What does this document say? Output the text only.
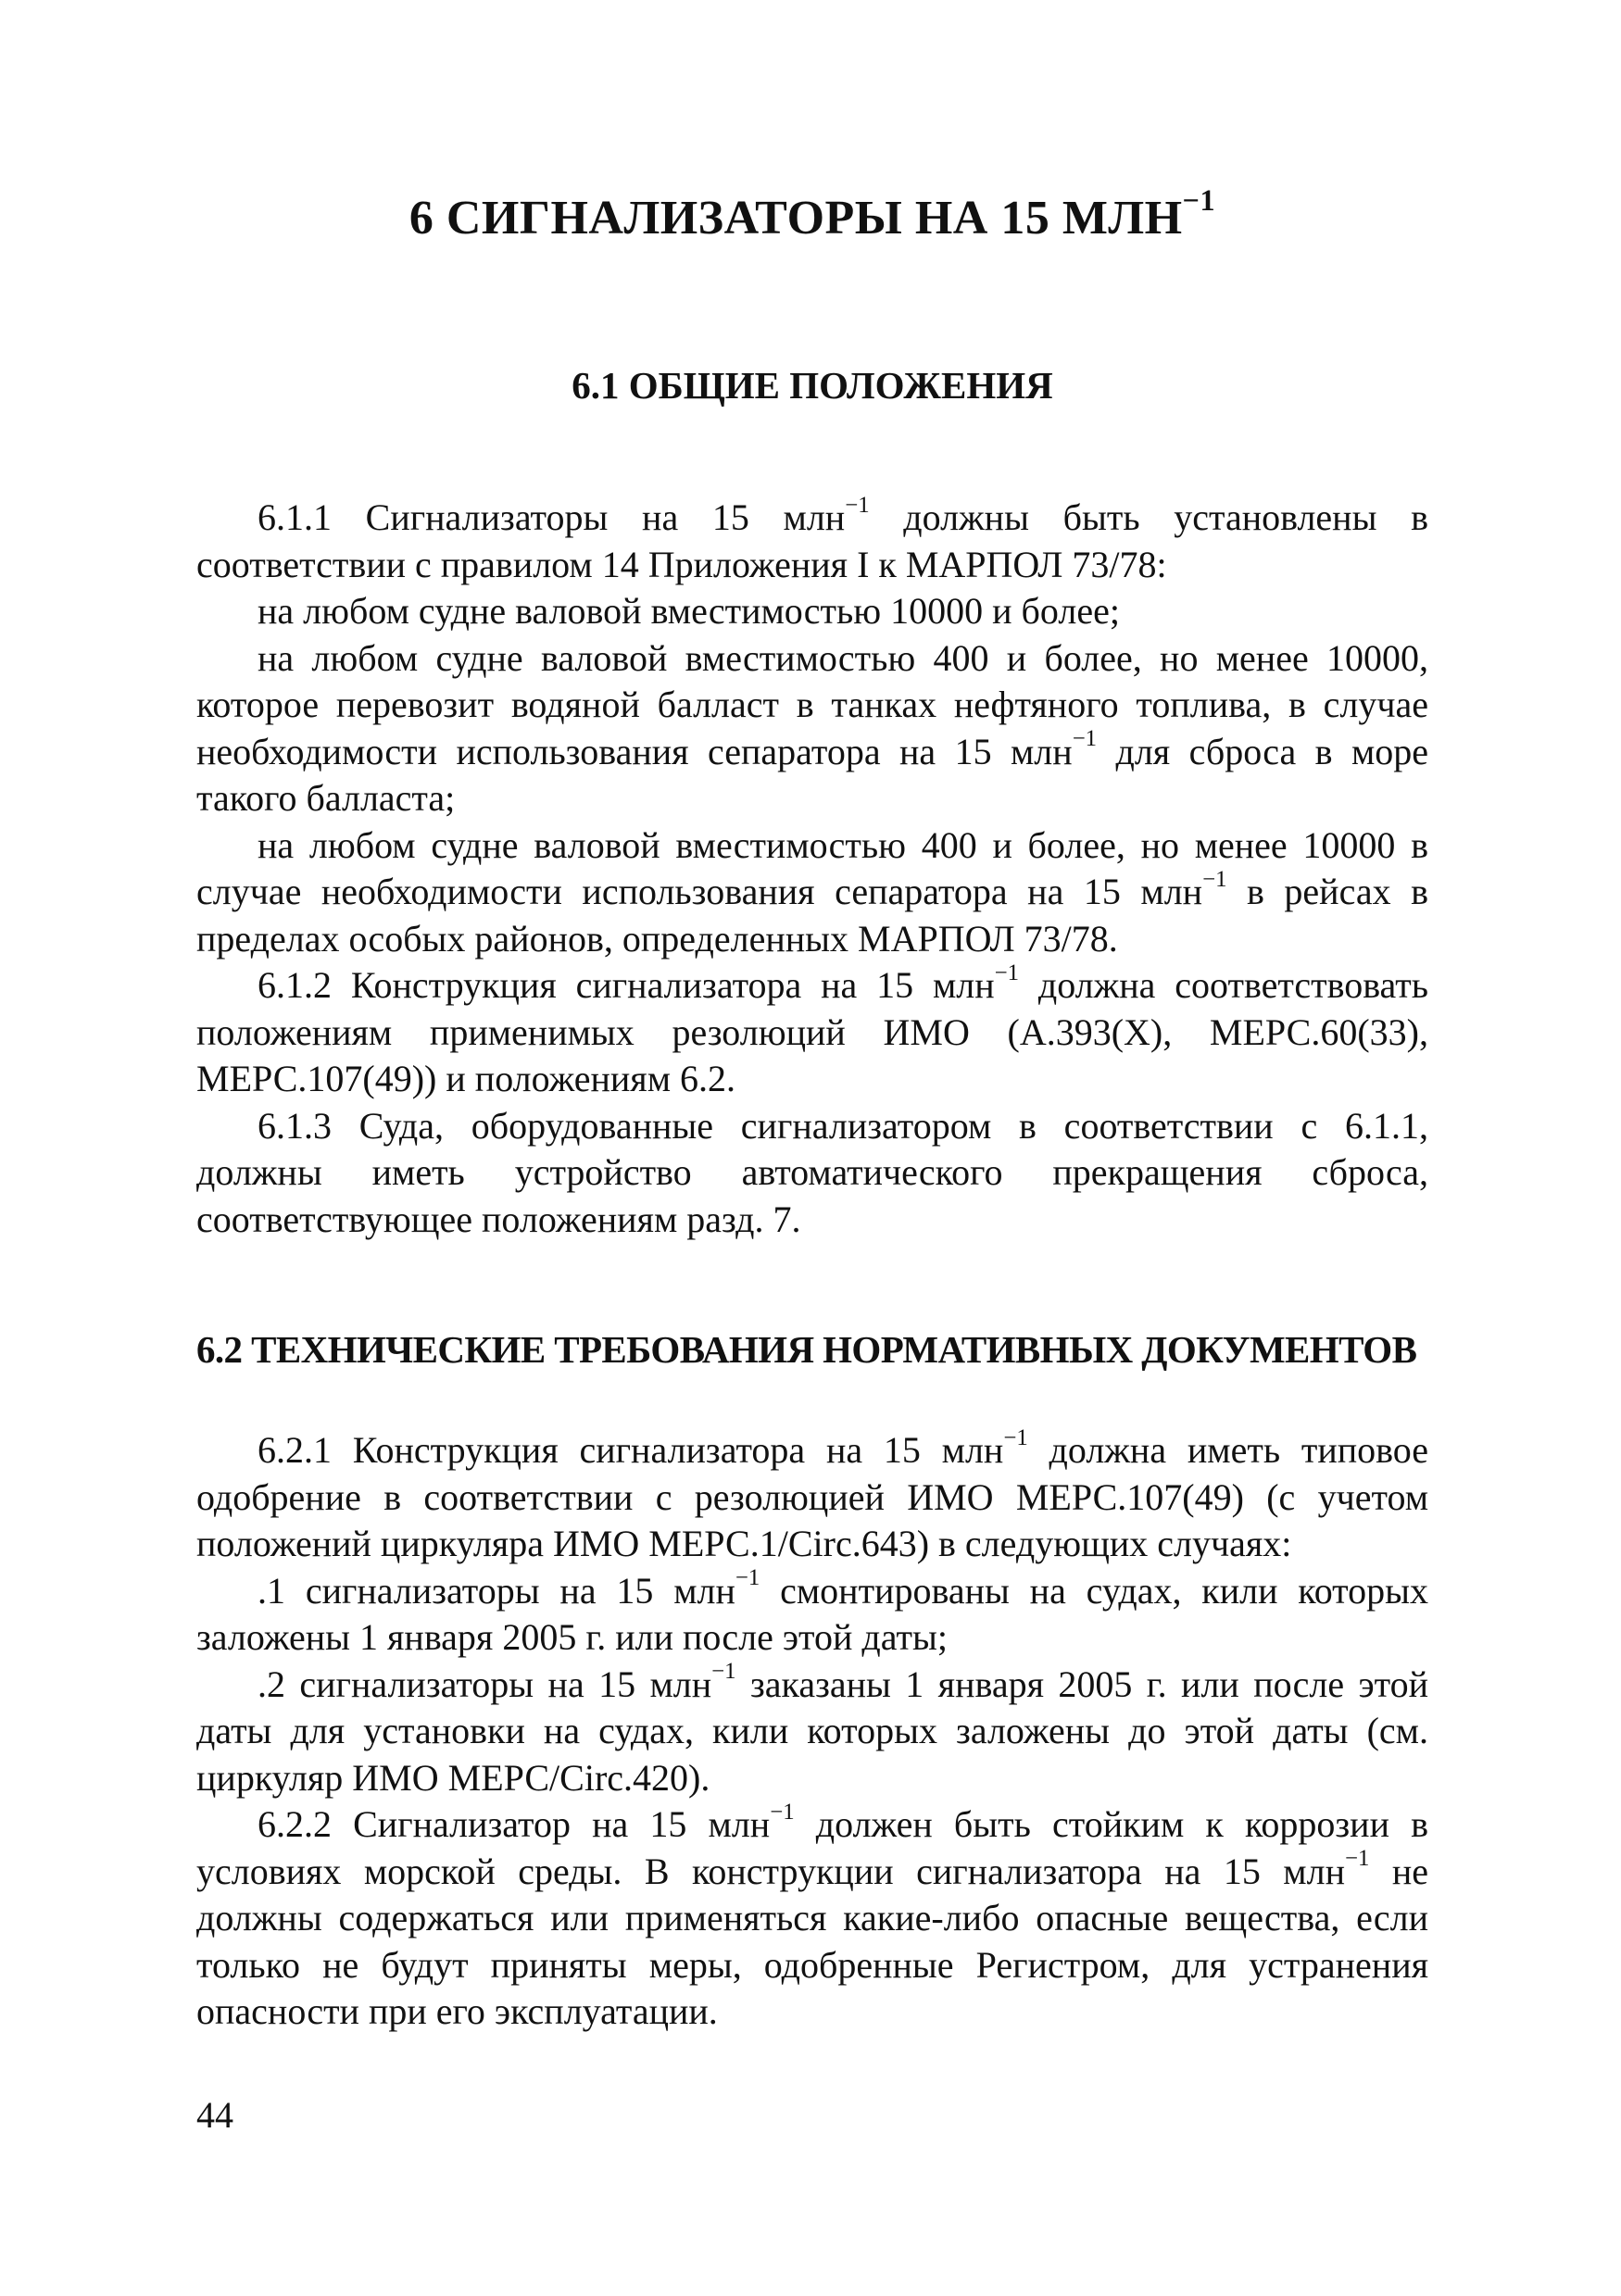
6 СИГНАЛИЗАТОРЫ НА 15 $МЛН^{-1}$
6.1 ОБЩИЕ ПОЛОЖЕНИЯ

6.1.1 Сигнализаторы на 15 млн$^{-1}$ должны быть установлены в соответствии с правилом 14 Приложения I к МАРПОЛ 73/78:

на любом судне валовой вместимостью 10000 и более;

на любом судне валовой вместимостью 400 и более, но менее 10000, которое перевозит водяной балласт в танках нефтяного топлива, в случае необходимости использования сепаратора на 15 млн$^{-1}$ для сброса в море такого балласта;

на любом судне валовой вместимостью 400 и более, но менее 10000 в случае необходимости использования сепаратора на 15 млн$^{-1}$ в рейсах в пределах особых районов, определенных МАРПОЛ 73/78.

6.1.2 Конструкция сигнализатора на 15 млн$^{-1}$ должна соответствовать положениям применимых резолюций ИМО (А.393(X), МЕРС.60(33), МЕРС.107(49)) и положениям 6.2.

6.1.3 Суда, оборудованные сигнализатором в соответствии с 6.1.1, должны иметь устройство автоматического прекращения сброса, соответствующее положениям разд. 7.

6.2 ТЕХНИЧЕСКИЕ ТРЕБОВАНИЯ НОРМАТИВНЫХ ДОКУМЕНТОВ

6.2.1 Конструкция сигнализатора на 15 млн$^{-1}$ должна иметь типовое одобрение в соответствии с резолюцией ИМО МЕРС.107(49) (с учетом положений циркуляра ИМО МЕРС.1/Circ.643) в следующих случаях:

.1 сигнализаторы на 15 млн$^{-1}$ смонтированы на судах, кили которых заложены 1 января 2005 г. или после этой даты;

.2 сигнализаторы на 15 млн$^{-1}$ заказаны 1 января 2005 г. или после этой даты для установки на судах, кили которых заложены до этой даты (см. циркуляр ИМО МЕРС/Circ.420).

6.2.2 Сигнализатор на 15 млн$^{-1}$ должен быть стойким к коррозии в условиях морской среды. В конструкции сигнализатора на 15 млн$^{-1}$ не должны содержаться или применяться какие-либо опасные вещества, если только не будут приняты меры, одобренные Регистром, для устранения опасности при его эксплуатации.

44
